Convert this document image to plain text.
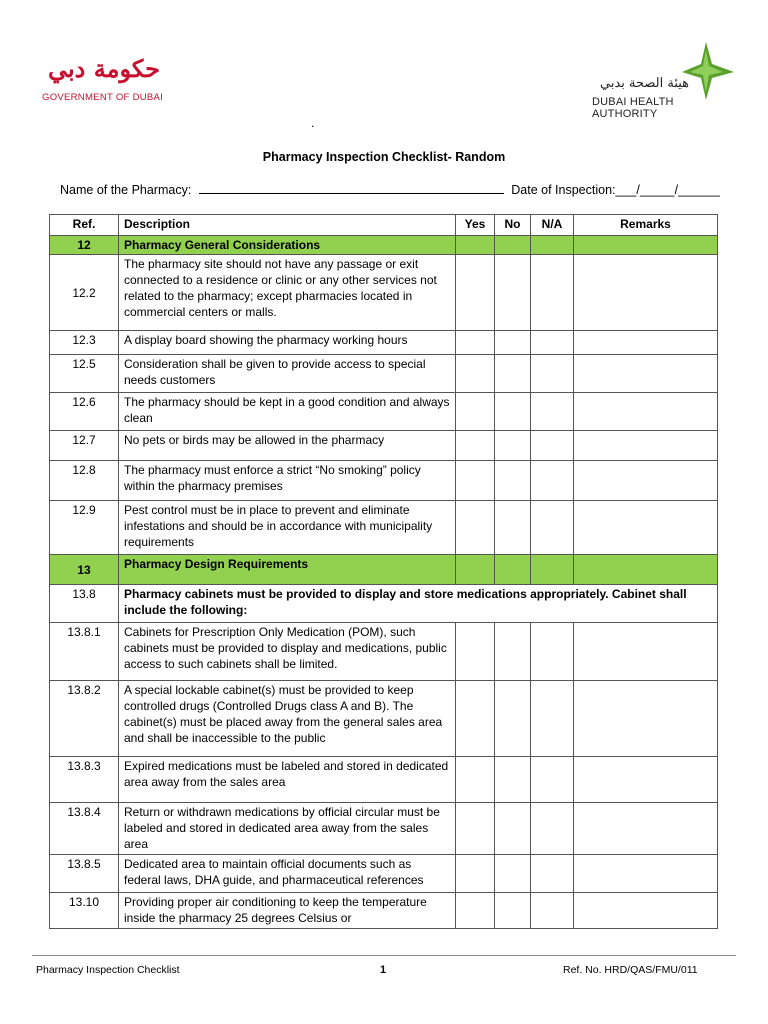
حكومة دبي
GOVERNMENT OF DUBAI
هيئة الصحة بدبي
DUBAI HEALTH AUTHORITY
.
Pharmacy Inspection Checklist- Random
Name of the Pharmacy:	Date of Inspection:___/_____/______
Ref.	Description	Yes	No	N/A	Remarks
12	Pharmacy General Considerations				
12.2	The pharmacy site should not have any passage or exit connected to a residence or clinic or any other services not related to the pharmacy; except pharmacies located in commercial centers or malls.				
12.3	A display board showing the pharmacy working hours				
12.5	Consideration shall be given to provide access to special needs customers				
12.6	The pharmacy should be kept in a good condition and always clean				
12.7	No pets or birds may be allowed in the pharmacy				
12.8	The pharmacy must enforce a strict “No smoking” policy within the pharmacy premises				
12.9	Pest control must be in place to prevent and eliminate infestations and should be in accordance with municipality requirements				
13	Pharmacy Design Requirements				
13.8	Pharmacy cabinets must be provided to display and store medications appropriately. Cabinet shall include the following:				
13.8.1	Cabinets for Prescription Only Medication (POM), such cabinets must be provided to display and medications, public access to such cabinets shall be limited.				
13.8.2	A special lockable cabinet(s) must be provided to keep controlled drugs (Controlled Drugs class A and B). The cabinet(s) must be placed away from the general sales area and shall be inaccessible to the public				
13.8.3	Expired medications must be labeled and stored in dedicated area away from the sales area				
13.8.4	Return or withdrawn medications by official circular must be labeled and stored in dedicated area away from the sales area				
13.8.5	Dedicated area to maintain official documents such as federal laws, DHA guide, and pharmaceutical references				
13.10	Providing proper air conditioning to keep the temperature inside the pharmacy 25 degrees Celsius or				
Pharmacy Inspection Checklist	1	Ref. No. HRD/QAS/FMU/011
